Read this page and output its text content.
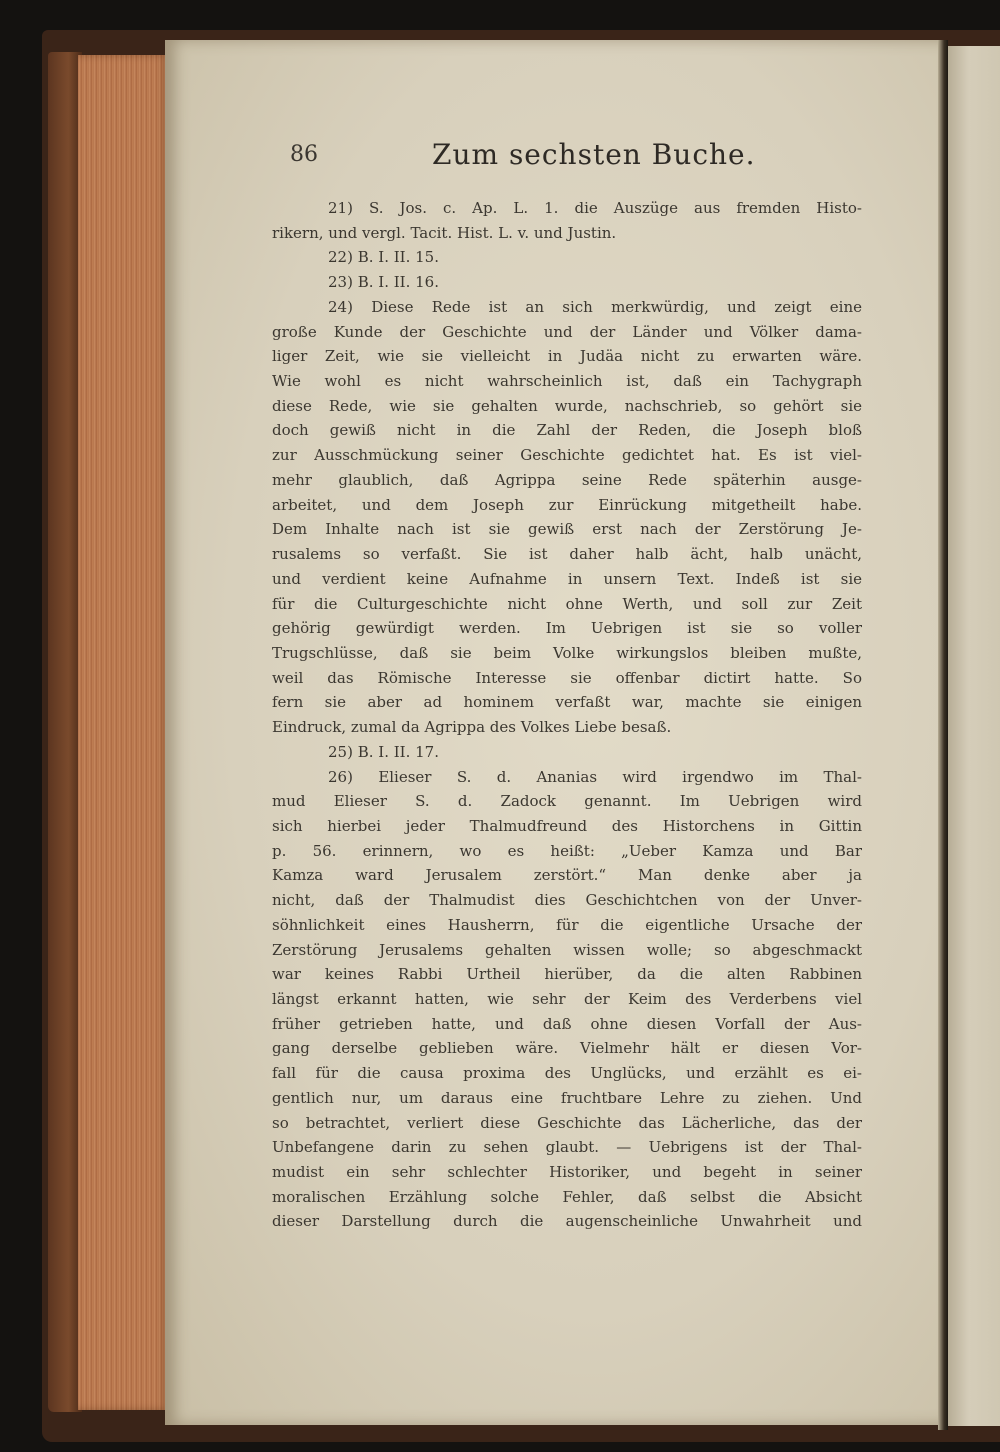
86	Zum sechsten Buche.
21) S. Jos. c. Ap. L. 1. die Auszüge aus fremden Histo-
rikern, und vergl. Tacit. Hist. L. v. und Justin.
22) B. I. II. 15.
23) B. I. II. 16.
24) Diese Rede ist an sich merkwürdig, und zeigt eine
große Kunde der Geschichte und der Länder und Völker dama-
liger Zeit, wie sie vielleicht in Judäa nicht zu erwarten wäre.
Wie wohl es nicht wahrscheinlich ist, daß ein Tachygraph
diese Rede, wie sie gehalten wurde, nachschrieb, so gehört sie
doch gewiß nicht in die Zahl der Reden, die Joseph bloß
zur Ausschmückung seiner Geschichte gedichtet hat. Es ist viel-
mehr glaublich, daß Agrippa seine Rede späterhin ausge-
arbeitet, und dem Joseph zur Einrückung mitgetheilt habe.
Dem Inhalte nach ist sie gewiß erst nach der Zerstörung Je-
rusalems so verfaßt. Sie ist daher halb ächt, halb unächt,
und verdient keine Aufnahme in unsern Text. Indeß ist sie
für die Culturgeschichte nicht ohne Werth, und soll zur Zeit
gehörig gewürdigt werden. Im Uebrigen ist sie so voller
Trugschlüsse, daß sie beim Volke wirkungslos bleiben mußte,
weil das Römische Interesse sie offenbar dictirt hatte. So
fern sie aber ad hominem verfaßt war, machte sie einigen
Eindruck, zumal da Agrippa des Volkes Liebe besaß.
25) B. I. II. 17.
26) Elieser S. d. Ananias wird irgendwo im Thal-
mud Elieser S. d. Zadock genannt. Im Uebrigen wird
sich hierbei jeder Thalmudfreund des Historchens in Gittin
p. 56. erinnern, wo es heißt: „Ueber Kamza und Bar
Kamza ward Jerusalem zerstört.“ Man denke aber ja
nicht, daß der Thalmudist dies Geschichtchen von der Unver-
söhnlichkeit eines Hausherrn, für die eigentliche Ursache der
Zerstörung Jerusalems gehalten wissen wolle; so abgeschmackt
war keines Rabbi Urtheil hierüber, da die alten Rabbinen
längst erkannt hatten, wie sehr der Keim des Verderbens viel
früher getrieben hatte, und daß ohne diesen Vorfall der Aus-
gang derselbe geblieben wäre. Vielmehr hält er diesen Vor-
fall für die causa proxima des Unglücks, und erzählt es ei-
gentlich nur, um daraus eine fruchtbare Lehre zu ziehen. Und
so betrachtet, verliert diese Geschichte das Lächerliche, das der
Unbefangene darin zu sehen glaubt. — Uebrigens ist der Thal-
mudist ein sehr schlechter Historiker, und begeht in seiner
moralischen Erzählung solche Fehler, daß selbst die Absicht
dieser Darstellung durch die augenscheinliche Unwahrheit und
